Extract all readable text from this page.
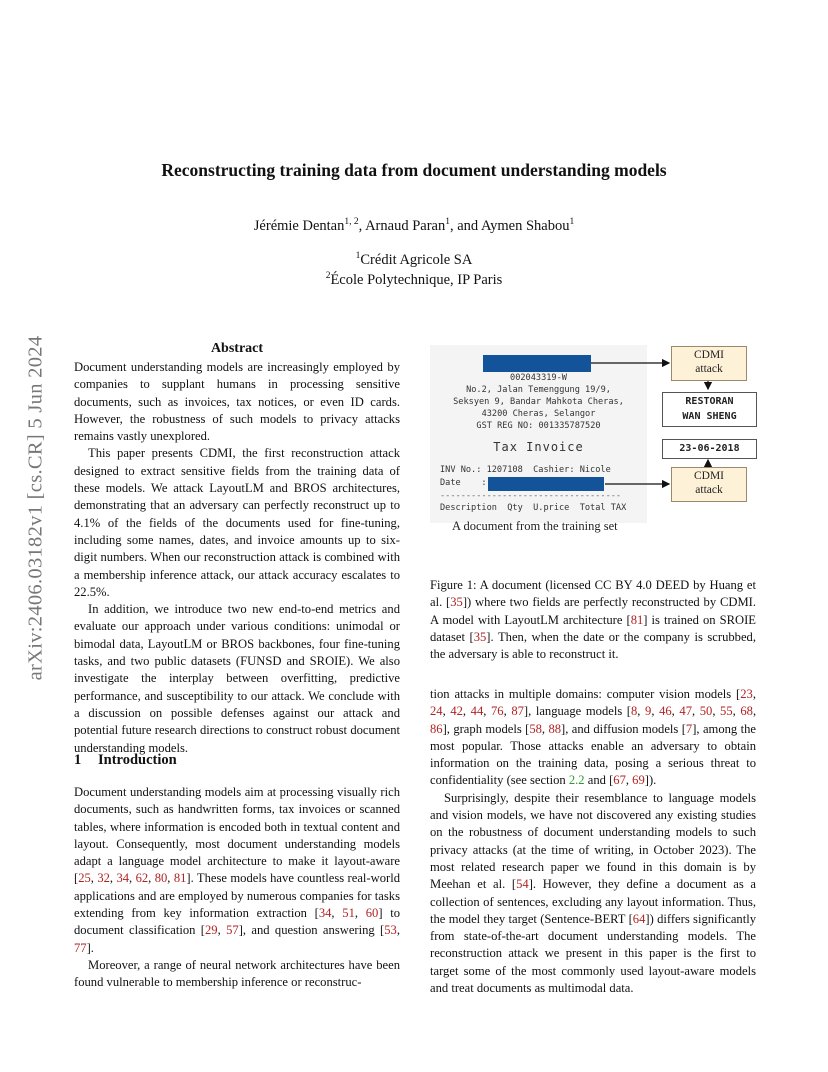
arXiv:2406.03182v1 [cs.CR] 5 Jun 2024
Reconstructing training data from document understanding models
Jérémie Dentan$^{1, 2}$, Arnaud Paran$^1$, and Aymen Shabou$^1$
$^1$Crédit Agricole SA
$^2$École Polytechnique, IP Paris
Abstract

Document understanding models are increasingly employed by companies to supplant humans in processing sensitive documents, such as invoices, tax notices, or even ID cards. However, the robustness of such models to privacy attacks remains vastly unexplored.

This paper presents CDMI, the first reconstruction attack designed to extract sensitive fields from the training data of these models. We attack LayoutLM and BROS architectures, demonstrating that an adversary can perfectly reconstruct up to 4.1% of the fields of the documents used for fine-tuning, including some names, dates, and invoice amounts up to six-digit numbers. When our reconstruction attack is combined with a membership inference attack, our attack accuracy escalates to 22.5%.

In addition, we introduce two new end-to-end metrics and evaluate our approach under various conditions: unimodal or bimodal data, LayoutLM or BROS backbones, four fine-tuning tasks, and two public datasets (FUNSD and SROIE). We also investigate the interplay between overfitting, predictive performance, and susceptibility to our attack. We conclude with a discussion on possible defenses against our attack and potential future research directions to construct robust document understanding models.

1 Introduction

Document understanding models aim at processing visually rich documents, such as handwritten forms, tax invoices or scanned tables, where information is encoded both in textual content and layout. Consequently, most document understanding models adapt a language model architecture to make it layout-aware [25, 32, 34, 62, 80, 81]. These models have countless real-world applications and are employed by numerous companies for tasks extending from key information extraction [34, 51, 60] to document classification [29, 57], and question answering [53, 77].

Moreover, a range of neural network architectures have been found vulnerable to membership inference or reconstruc-

002043319-W
No.2, Jalan Temenggung 19/9,
Seksyen 9, Bandar Mahkota Cheras,
43200 Cheras, Selangor
GST REG NO: 001335787520
Tax Invoice
INV No.: 1207108  Cashier: Nicole
Date    :
-----------------------------------
Description  Qty  U.price  Total TAX
A document from the training set
CDMI
attack
RESTORAN
WAN SHENG
23-06-2018
CDMI
attack

Figure 1: A document (licensed CC BY 4.0 DEED by Huang et al. [35]) where two fields are perfectly reconstructed by CDMI. A model with LayoutLM architecture [81] is trained on SROIE dataset [35]. Then, when the date or the company is scrubbed, the adversary is able to reconstruct it.

tion attacks in multiple domains: computer vision models [23, 24, 42, 44, 76, 87], language models [8, 9, 46, 47, 50, 55, 68, 86], graph models [58, 88], and diffusion models [7], among the most popular. Those attacks enable an adversary to obtain information on the training data, posing a serious threat to confidentiality (see section 2.2 and [67, 69]).

Surprisingly, despite their resemblance to language models and vision models, we have not discovered any existing studies on the robustness of document understanding models to such privacy attacks (at the time of writing, in October 2023). The most related research paper we found in this domain is by Meehan et al. [54]. However, they define a document as a collection of sentences, excluding any layout information. Thus, the model they target (Sentence-BERT [64]) differs significantly from state-of-the-art document understanding models. The reconstruction attack we present in this paper is the first to target some of the most commonly used layout-aware models and treat documents as multimodal data.
